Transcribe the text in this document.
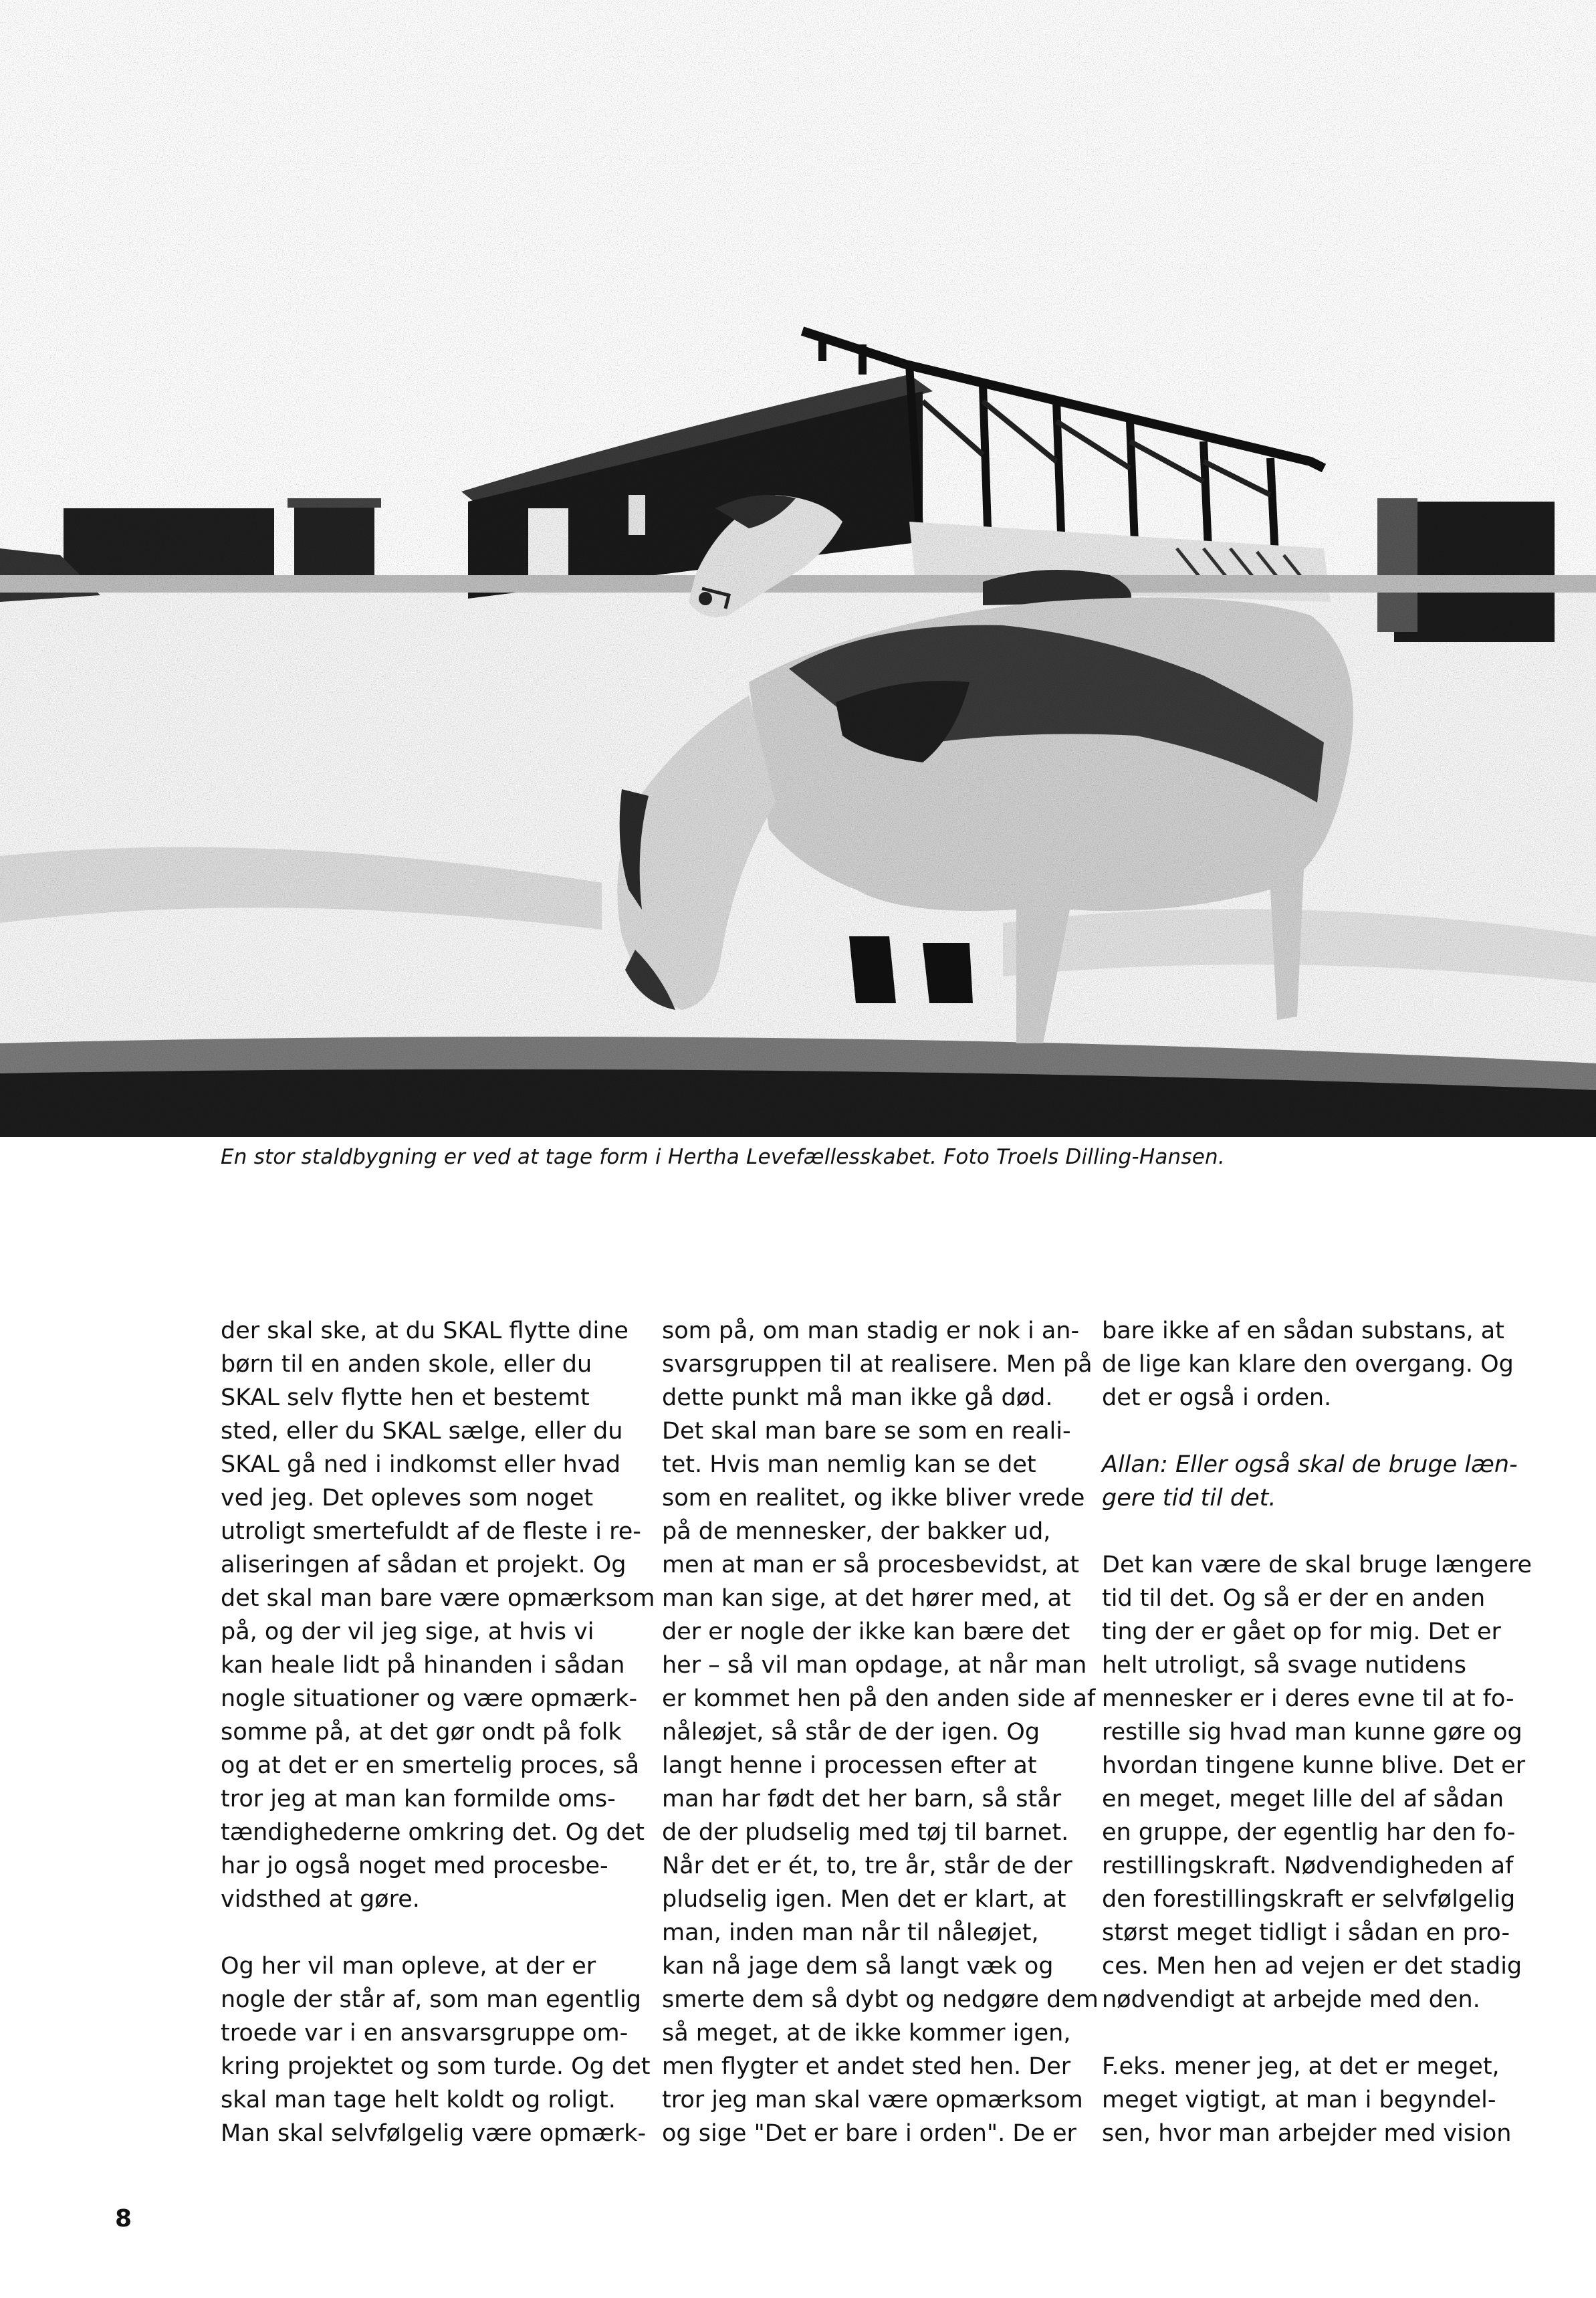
En stor staldbygning er ved at tage form i Hertha Levefællesskabet. Foto Troels Dilling-Hansen.

der skal ske, at du SKAL flytte dine
børn til en anden skole, eller du
SKAL selv flytte hen et bestemt
sted, eller du SKAL sælge, eller du
SKAL gå ned i indkomst eller hvad
ved jeg. Det opleves som noget
utroligt smertefuldt af de fleste i re-
aliseringen af sådan et projekt. Og
det skal man bare være opmærksom
på, og der vil jeg sige, at hvis vi
kan heale lidt på hinanden i sådan
nogle situationer og være opmærk-
somme på, at det gør ondt på folk
og at det er en smertelig proces, så
tror jeg at man kan formilde oms-
tændighederne omkring det. Og det
har jo også noget med procesbe-
vidsthed at gøre.

Og her vil man opleve, at der er
nogle der står af, som man egentlig
troede var i en ansvarsgruppe om-
kring projektet og som turde. Og det
skal man tage helt koldt og roligt.
Man skal selvfølgelig være opmærk-

som på, om man stadig er nok i an-
svarsgruppen til at realisere. Men på
dette punkt må man ikke gå død.
Det skal man bare se som en reali-
tet. Hvis man nemlig kan se det
som en realitet, og ikke bliver vrede
på de mennesker, der bakker ud,
men at man er så procesbevidst, at
man kan sige, at det hører med, at
der er nogle der ikke kan bære det
her – så vil man opdage, at når man
er kommet hen på den anden side af
nåleøjet, så står de der igen. Og
langt henne i processen efter at
man har født det her barn, så står
de der pludselig med tøj til barnet.
Når det er ét, to, tre år, står de der
pludselig igen. Men det er klart, at
man, inden man når til nåleøjet,
kan nå jage dem så langt væk og
smerte dem så dybt og nedgøre dem
så meget, at de ikke kommer igen,
men flygter et andet sted hen. Der
tror jeg man skal være opmærksom
og sige "Det er bare i orden". De er

bare ikke af en sådan substans, at
de lige kan klare den overgang. Og
det er også i orden.

Allan: Eller også skal de bruge læn-
gere tid til det.

Det kan være de skal bruge længere
tid til det. Og så er der en anden
ting der er gået op for mig. Det er
helt utroligt, så svage nutidens
mennesker er i deres evne til at fo-
restille sig hvad man kunne gøre og
hvordan tingene kunne blive. Det er
en meget, meget lille del af sådan
en gruppe, der egentlig har den fo-
restillingskraft. Nødvendigheden af
den forestillingskraft er selvfølgelig
størst meget tidligt i sådan en pro-
ces. Men hen ad vejen er det stadig
nødvendigt at arbejde med den.

F.eks. mener jeg, at det er meget,
meget vigtigt, at man i begyndel-
sen, hvor man arbejder med vision

8
